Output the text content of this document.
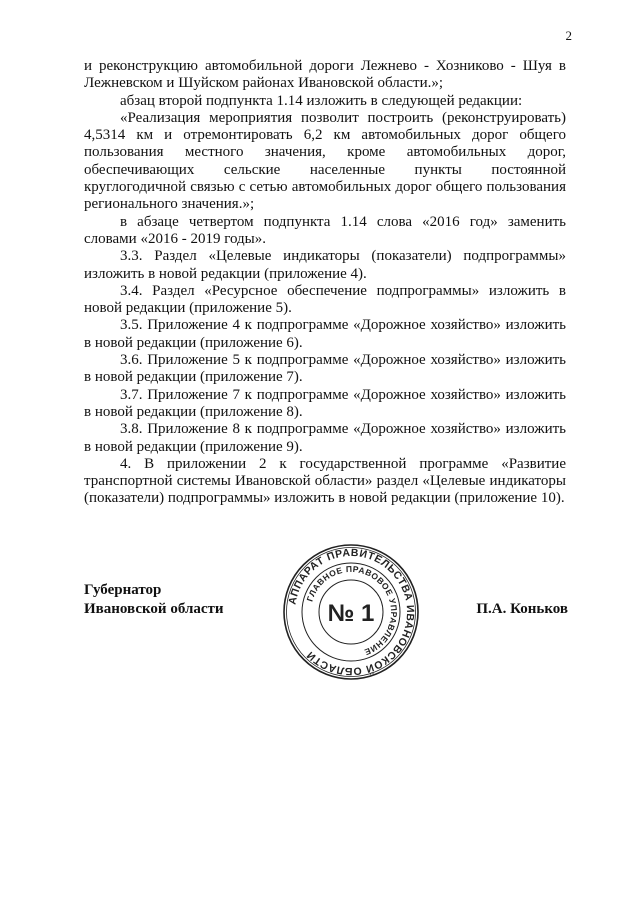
2

и реконструкцию автомобильной дороги Лежнево - Хозниково - Шуя в Лежневском и Шуйском районах Ивановской области.»;

абзац второй подпункта 1.14 изложить в следующей редакции:

«Реализация мероприятия позволит построить (реконструировать) 4,5314 км и отремонтировать 6,2 км автомобильных дорог общего пользования местного значения, кроме автомобильных дорог, обеспечивающих сельские населенные пункты постоянной круглогодичной связью с сетью автомобильных дорог общего пользования регионального значения.»;

в абзаце четвертом подпункта 1.14 слова «2016 год» заменить словами «2016 - 2019 годы».

3.3. Раздел «Целевые индикаторы (показатели) подпрограммы» изложить в новой редакции (приложение 4).

3.4. Раздел «Ресурсное обеспечение подпрограммы» изложить в новой редакции (приложение 5).

3.5. Приложение 4 к подпрограмме «Дорожное хозяйство» изложить в новой редакции (приложение 6).

3.6. Приложение 5 к подпрограмме «Дорожное хозяйство» изложить в новой редакции (приложение 7).

3.7. Приложение 7 к подпрограмме «Дорожное хозяйство» изложить в новой редакции (приложение 8).

3.8. Приложение 8 к подпрограмме «Дорожное хозяйство» изложить в новой редакции (приложение 9).

4. В приложении 2 к государственной программе «Развитие транспортной системы Ивановской области» раздел «Целевые индикаторы (показатели) подпрограммы» изложить в новой редакции (приложение 10).

Губернатор
Ивановской области	П.А. Коньков
АППАРАТ ПРАВИТЕЛЬСТВА ИВАНОВСКОЙ ОБЛАСТИ
ГЛАВНОЕ ПРАВОВОЕ УПРАВЛЕНИЕ
№ 1
